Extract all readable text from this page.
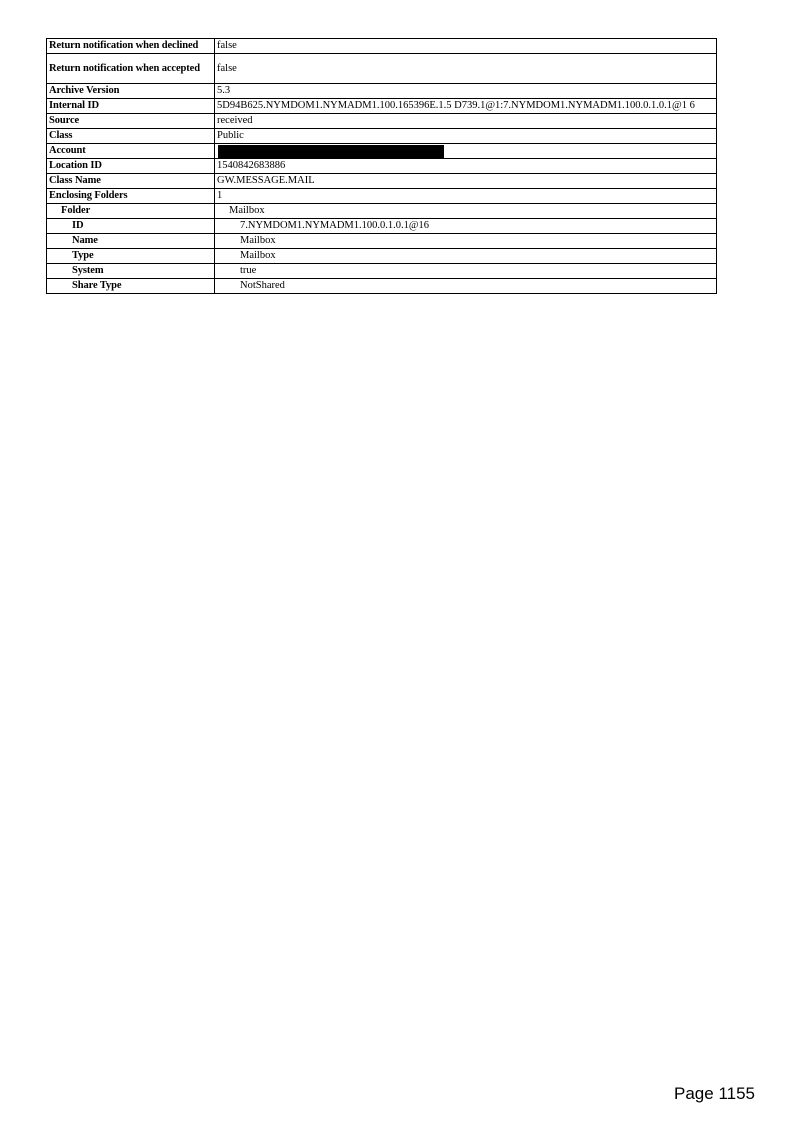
Return notification when declined	false
Return notification when accepted	false
Archive Version	5.3
Internal ID	5D94B625.NYMDOM1.NYMADM1.100.165396E.1.5 D739.1@1:7.NYMDOM1.NYMADM1.100.0.1.0.1@1 6
Source	received
Class	Public
Account	
Location ID	1540842683886
Class Name	GW.MESSAGE.MAIL
Enclosing Folders	1
Folder	Mailbox
ID	7.NYMDOM1.NYMADM1.100.0.1.0.1@16
Name	Mailbox
Type	Mailbox
System	true
Share Type	NotShared
Page 1155
